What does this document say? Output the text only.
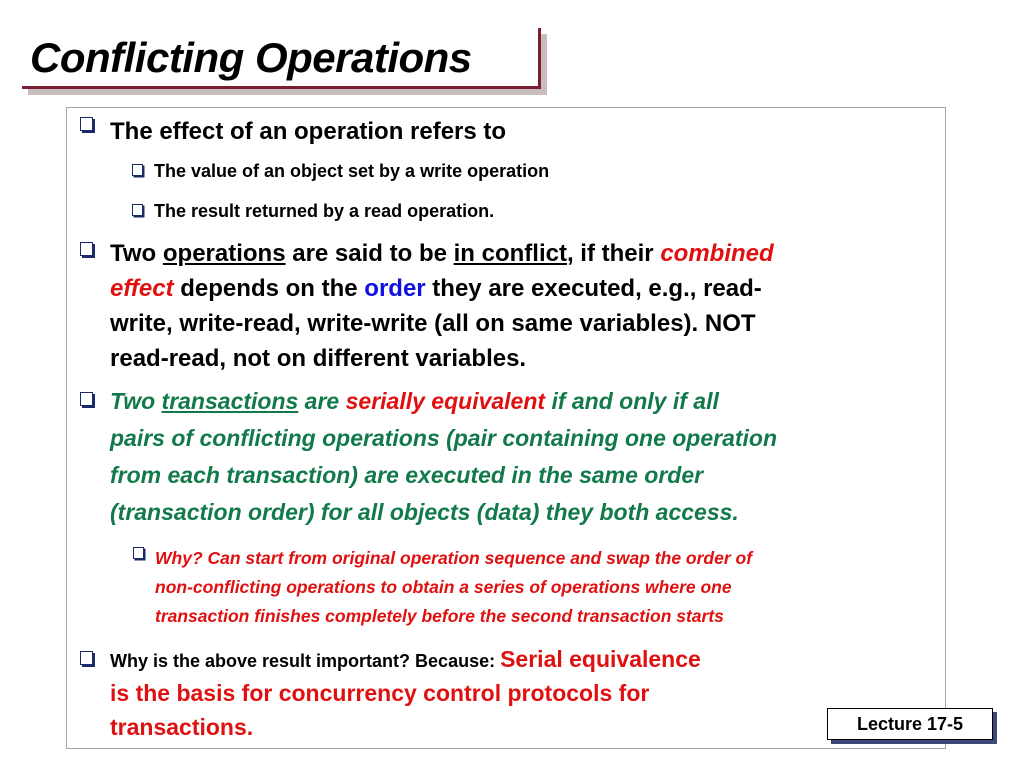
Conflicting Operations
The effect of an operation refers to
The value of an object set by a write operation
The result returned by a read operation.
Two operations are said to be in conflict, if their combined
effect depends on the order they are executed, e.g., read-
write, write-read, write-write (all on same variables). NOT
read-read, not on different variables.
Two transactions are serially equivalent if and only if all
pairs of conflicting operations (pair containing one operation
from each transaction) are executed in the same order
(transaction order) for all objects (data) they both access.
Why? Can start from original operation sequence and swap the order of
non-conflicting operations to obtain a series of operations where one
transaction finishes completely before the second transaction starts
Why is the above result important? Because: Serial equivalence
is the basis for concurrency control protocols for
transactions.	Lecture 17-5
